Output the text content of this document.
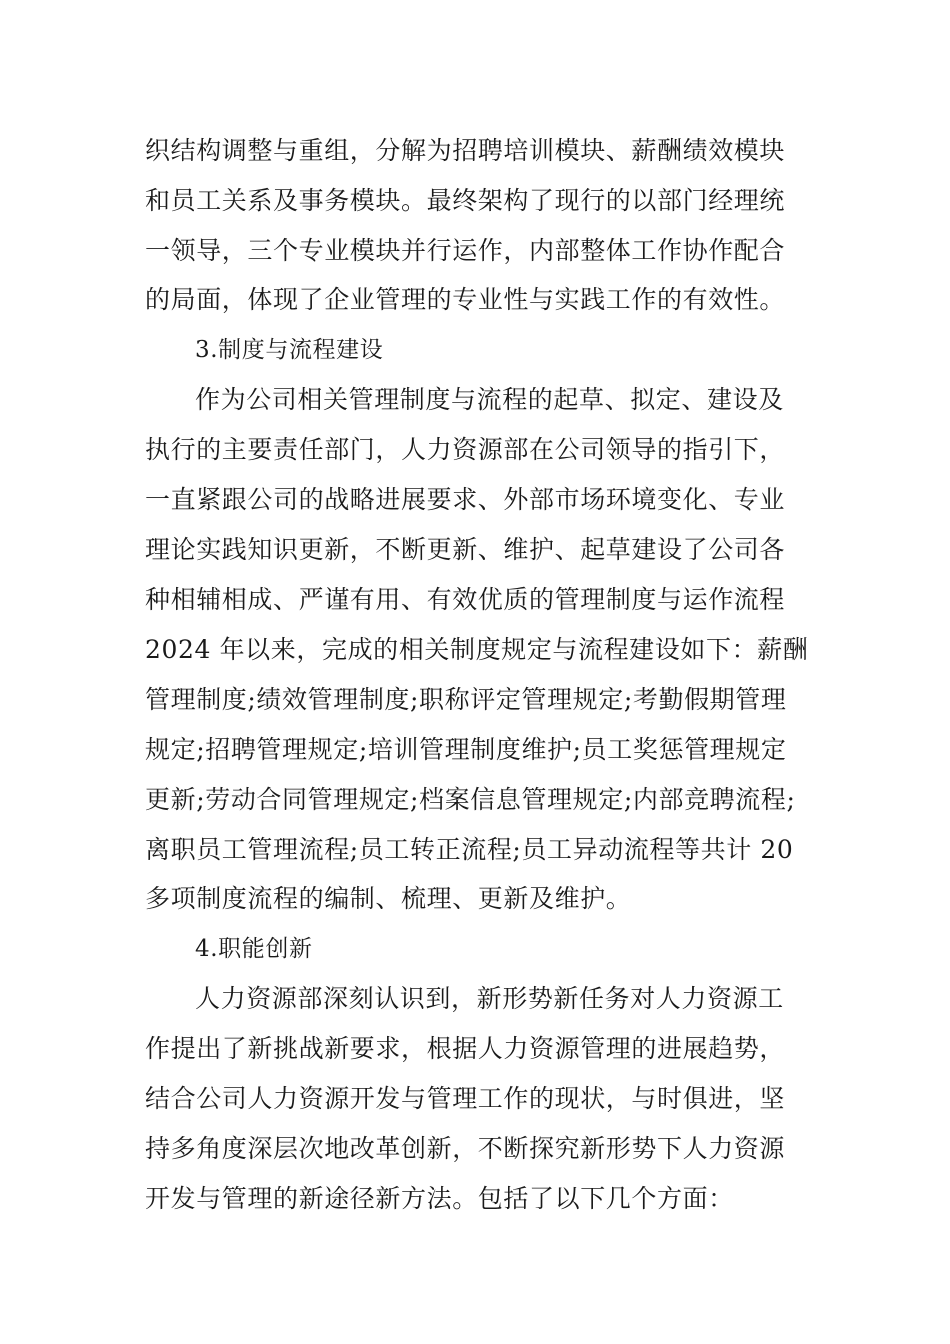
织结构调整与重组，分解为招聘培训模块、薪酬绩效模块
和员工关系及事务模块。最终架构了现行的以部门经理统
一领导，三个专业模块并行运作，内部整体工作协作配合
的局面，体现了企业管理的专业性与实践工作的有效性。
3.制度与流程建设
作为公司相关管理制度与流程的起草、拟定、建设及
执行的主要责任部门，人力资源部在公司领导的指引下，
一直紧跟公司的战略进展要求、外部市场环境变化、专业
理论实践知识更新，不断更新、维护、起草建设了公司各
种相辅相成、严谨有用、有效优质的管理制度与运作流程
2024 年以来，完成的相关制度规定与流程建设如下：薪酬
管理制度;绩效管理制度;职称评定管理规定;考勤假期管理
规定;招聘管理规定;培训管理制度维护;员工奖惩管理规定
更新;劳动合同管理规定;档案信息管理规定;内部竞聘流程;
离职员工管理流程;员工转正流程;员工异动流程等共计 20
多项制度流程的编制、梳理、更新及维护。
4.职能创新
人力资源部深刻认识到，新形势新任务对人力资源工
作提出了新挑战新要求，根据人力资源管理的进展趋势，
结合公司人力资源开发与管理工作的现状，与时俱进，坚
持多角度深层次地改革创新，不断探究新形势下人力资源
开发与管理的新途径新方法。包括了以下几个方面：
